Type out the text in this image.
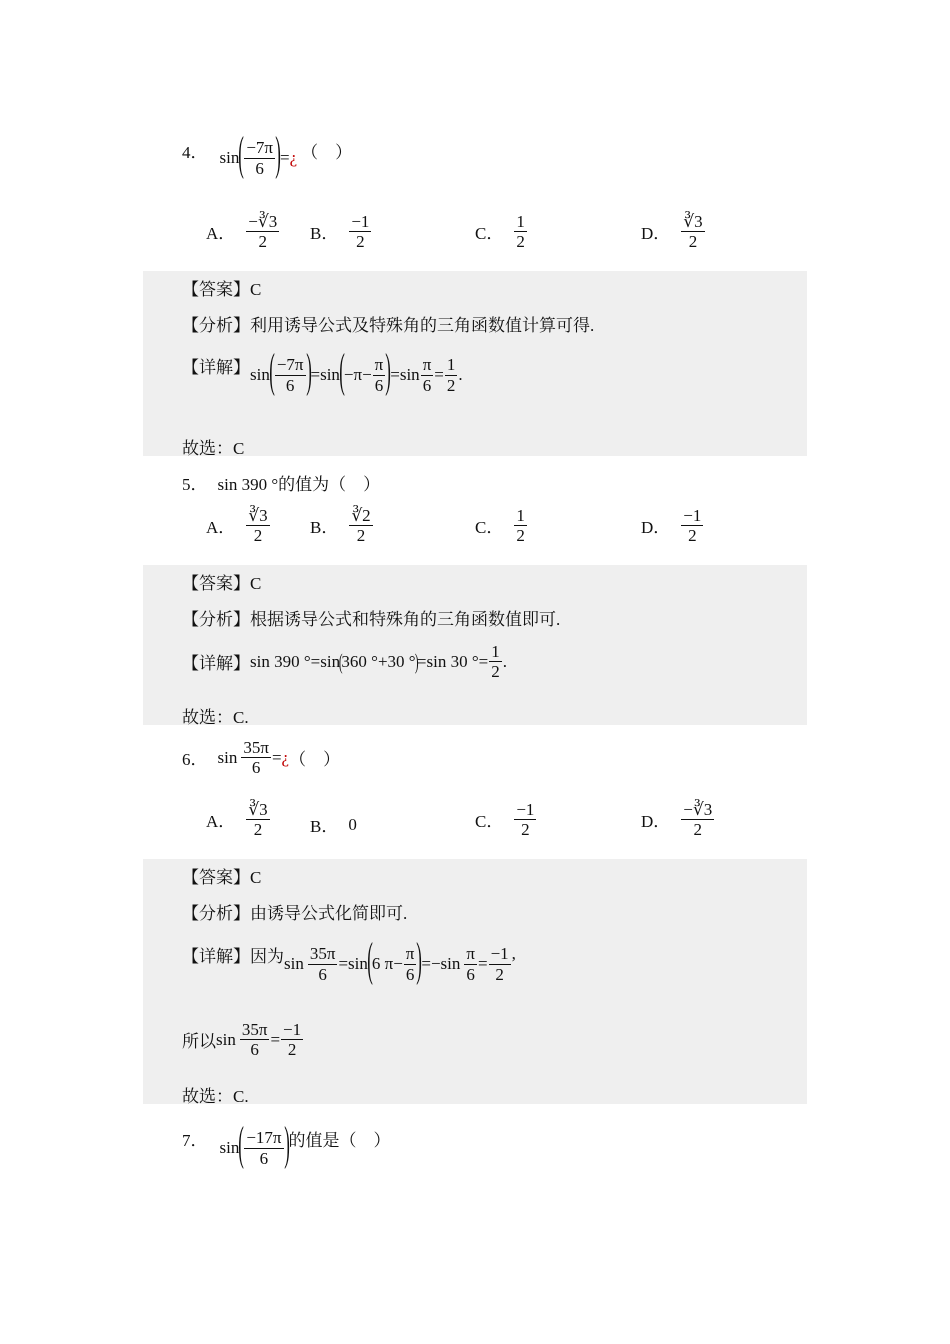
4． sin ( $\frac{-7\pi}{6}$ ) = ¿ （　）
A． $\frac{-∛3}{2}$ B． $\frac{-1}{2}$	C． $\frac{1}{2}$	D． $\frac{∛3}{2}$
【答案】C
【分析】利用诱导公式及特殊角的三角函数值计算可得.
【详解】 sin ( $\frac{-7\pi}{6}$ ) = sin ( $-\pi- \frac{\pi}{6}$ ) = $\sin \frac{\pi}{6} = \frac{1}{2}$ .
故选：C
5． sin 390 °的值为（　）
A． $\frac{∛3}{2}$ B． $\frac{∛2}{2}$	C． $\frac{1}{2}$	D． $\frac{-1}{2}$
【答案】C
【分析】根据诱导公式和特殊角的三角函数值即可.
【详解】 sin 390 °=sin
(
360 °+30 °
)
=sin 30 °= $\frac{1}{2}$ .
故选：C.
6． $\sin \frac{35\pi}{6}$ = ¿ （　）
A． $\frac{∛3}{2}$ B． 0	C． $\frac{-1}{2}$	D． $\frac{-∛3}{2}$
【答案】C
【分析】由诱导公式化简即可.
【详解】因为 $\sin \frac{35\pi}{6} = \sin$ ( 6 $\pi- \frac{\pi}{6}$ ) $=-\sin \frac{\pi}{6} = \frac{-1}{2}$ ,
所以 $\sin \frac{35\pi}{6} = \frac{-1}{2}$
故选：C.
7． sin ( $\frac{-17\pi}{6}$ ) 的值是（　）
